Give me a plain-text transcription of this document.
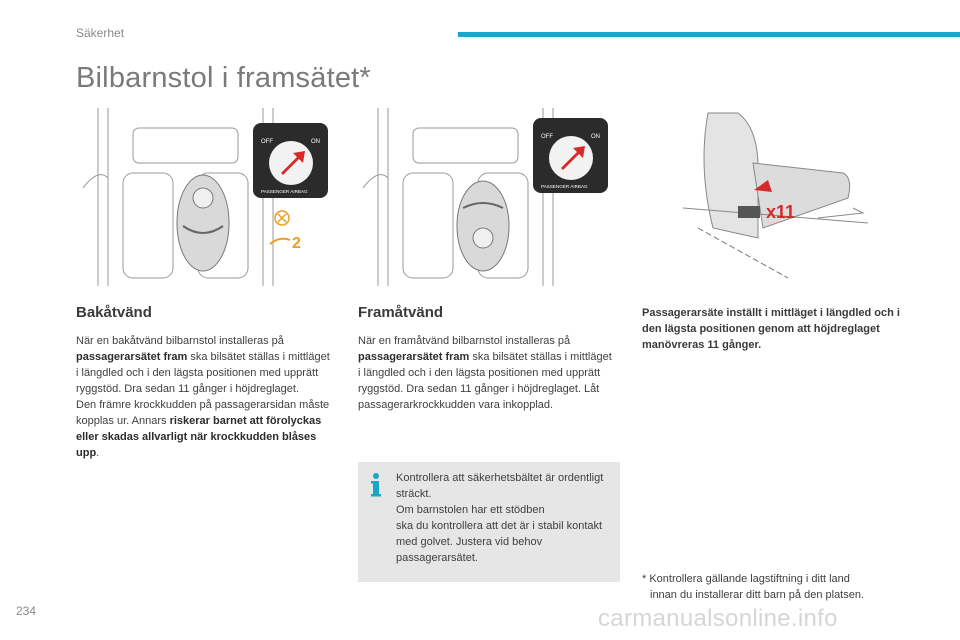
Säkerhet
Bilbarnstol i framsätet*
OFF	ON
PASSENGER AIRBAG
2
OFF	ON
PASSENGER AIRBAG
x11
Bakåtvänd

När en bakåtvänd bilbarnstol installeras på passagerarsätet fram ska bilsätet ställas i mittläget i längdled och i den lägsta positionen med upprätt ryggstöd. Dra sedan 11 gånger i höjdreglaget.
Den främre krockkudden på passagerarsidan måste kopplas ur. Annars riskerar barnet att förolyckas eller skadas allvarligt när krockkudden blåses upp.

Framåtvänd

När en framåtvänd bilbarnstol installeras på passagerarsätet fram ska bilsätet ställas i mittläget i längdled och i den lägsta positionen med upprätt ryggstöd. Dra sedan 11 gånger i höjdreglaget. Låt passagerarkrockkudden vara inkopplad.

Passagerarsäte inställt i mittläget i längdled och i den lägsta positionen genom att höjdreglaget manövreras 11 gånger.
Kontrollera att säkerhetsbältet är ordentligt sträckt.
Om barnstolen har ett stödben
ska du kontrollera att det är i stabil kontakt med golvet. Justera vid behov passagerarsätet.
* Kontrollera gällande lagstiftning i ditt land
innan du installerar ditt barn på den platsen.
234	carmanualsonline.info
